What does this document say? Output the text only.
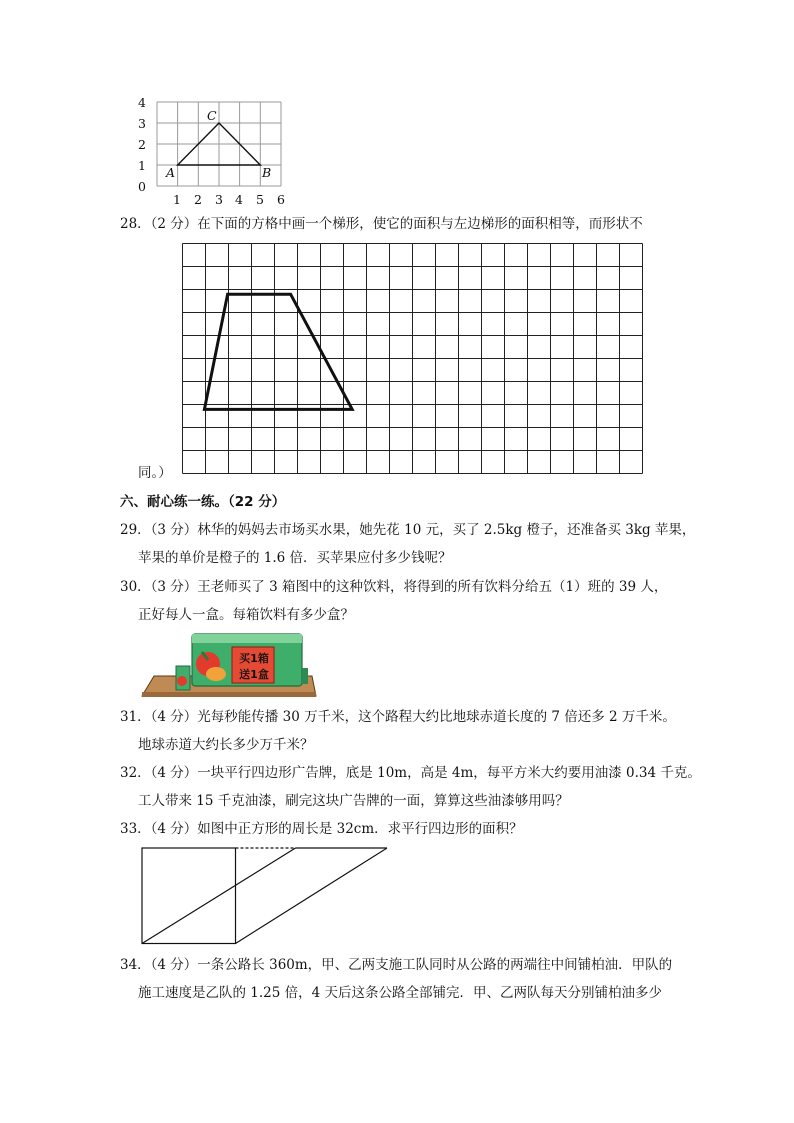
4
3
2
1
0
C
A	B
1 2 3 4 5 6
28．（2 分）在下面的方格中画一个梯形，使它的面积与左边梯形的面积相等，而形状不
同。）
六、耐心练一练。（22 分）
29．（3 分）林华的妈妈去市场买水果，她先花 10 元，买了 2.5kg 橙子，还准备买 3kg 苹果，
苹果的单价是橙子的 1.6 倍．买苹果应付多少钱呢？
30．（3 分）王老师买了 3 箱图中的这种饮料，将得到的所有饮料分给五（1）班的 39 人，
正好每人一盒。每箱饮料有多少盒？
买1箱
送1盒
31．（4 分）光每秒能传播 30 万千米，这个路程大约比地球赤道长度的 7 倍还多 2 万千米。
地球赤道大约长多少万千米？
32．（4 分）一块平行四边形广告牌，底是 10m，高是 4m，每平方米大约要用油漆 0.34 千克。
工人带来 15 千克油漆，刷完这块广告牌的一面，算算这些油漆够用吗？
33．（4 分）如图中正方形的周长是 32cm．求平行四边形的面积？
34．（4 分）一条公路长 360m，甲、乙两支施工队同时从公路的两端往中间铺柏油．甲队的
施工速度是乙队的 1.25 倍，4 天后这条公路全部铺完．甲、乙两队每天分别铺柏油多少
